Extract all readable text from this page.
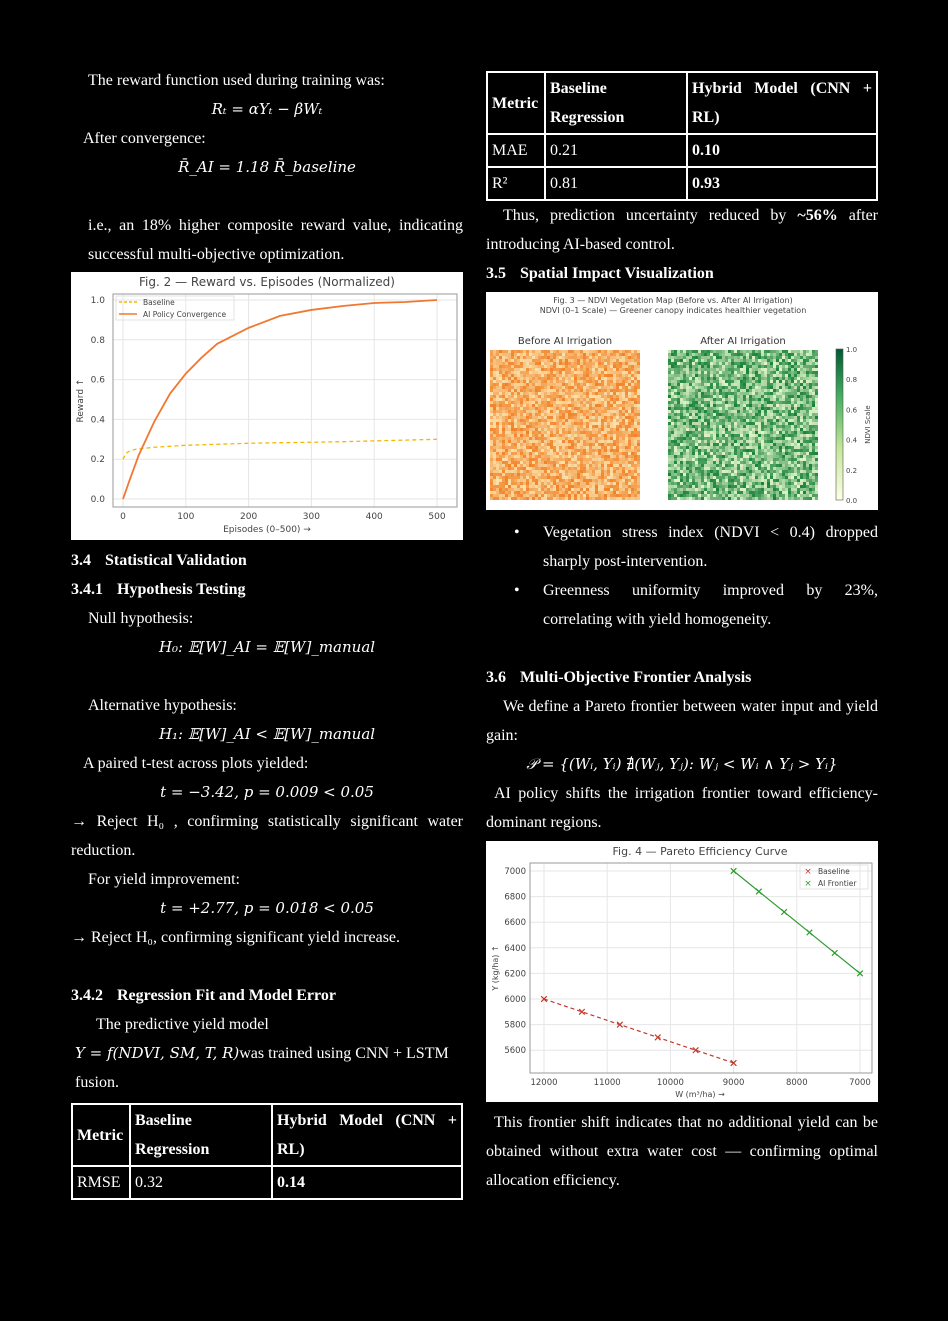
The reward function used during training was:

Rₜ = αYₜ − βWₜ

After convergence:

R̄_AI = 1.18 R̄_baseline

i.e., an 18% higher composite reward value, indicating successful multi-objective optimization.

Fig. 2 — Reward vs. Episodes (Normalized)
0.0
0.2
0.4
0.6
0.8
1.0
0	100	200	300	400	500
Episodes (0–500) →
Reward ↑
Baseline
AI Policy Convergence
3.4 Statistical Validation
3.4.1 Hypothesis Testing

Null hypothesis:

H₀: 𝔼[W]_AI = 𝔼[W]_manual

Alternative hypothesis:

H₁: 𝔼[W]_AI < 𝔼[W]_manual

A paired t-test across plots yielded:

t = −3.42, p = 0.009 < 0.05

→ Reject H₀ , confirming statistically significant water reduction.

For yield improvement:

t = +2.77, p = 0.018 < 0.05

→ Reject H₀, confirming significant yield increase.

3.4.2 Regression Fit and Model Error

The predictive yield model

Y = f(NDVI, SM, T, R)was trained using CNN + LSTM fusion.

Metric	Baseline Regression	Hybrid Model (CNN + RL)
RMSE	0.32	0.14
Metric	Baseline Regression	Hybrid Model (CNN + RL)
MAE	0.21	0.10
R²	0.81	0.93

Thus, prediction uncertainty reduced by ~56% after introducing AI-based control.

3.5 Spatial Impact Visualization
Fig. 3 — NDVI Vegetation Map (Before vs. After AI Irrigation)
NDVI (0–1 Scale) — Greener canopy indicates healthier vegetation
Before AI Irrigation	After AI Irrigation
0.0
0.2
0.4
0.6
0.8
1.0
NDVI Scale
• Vegetation stress index (NDVI < 0.4) dropped sharply post-intervention.
• Greenness uniformity improved by 23%, correlating with yield homogeneity.
3.6 Multi-Objective Frontier Analysis

We define a Pareto frontier between water input and yield gain:

𝒫 = {(Wᵢ, Yᵢ) ∄(Wⱼ, Yⱼ): Wⱼ < Wᵢ ∧ Yⱼ > Yᵢ}

AI policy shifts the irrigation frontier toward efficiency-dominant regions.

Fig. 4 — Pareto Efficiency Curve
5600
5800
6000
6200
6400
6600
6800
7000
12000	11000	10000	9000	8000	7000
W (m³/ha) →
Y (kg/ha) ↑
× Baseline
× AI Frontier

This frontier shift indicates that no additional yield can be obtained without extra water cost — confirming optimal allocation efficiency.
